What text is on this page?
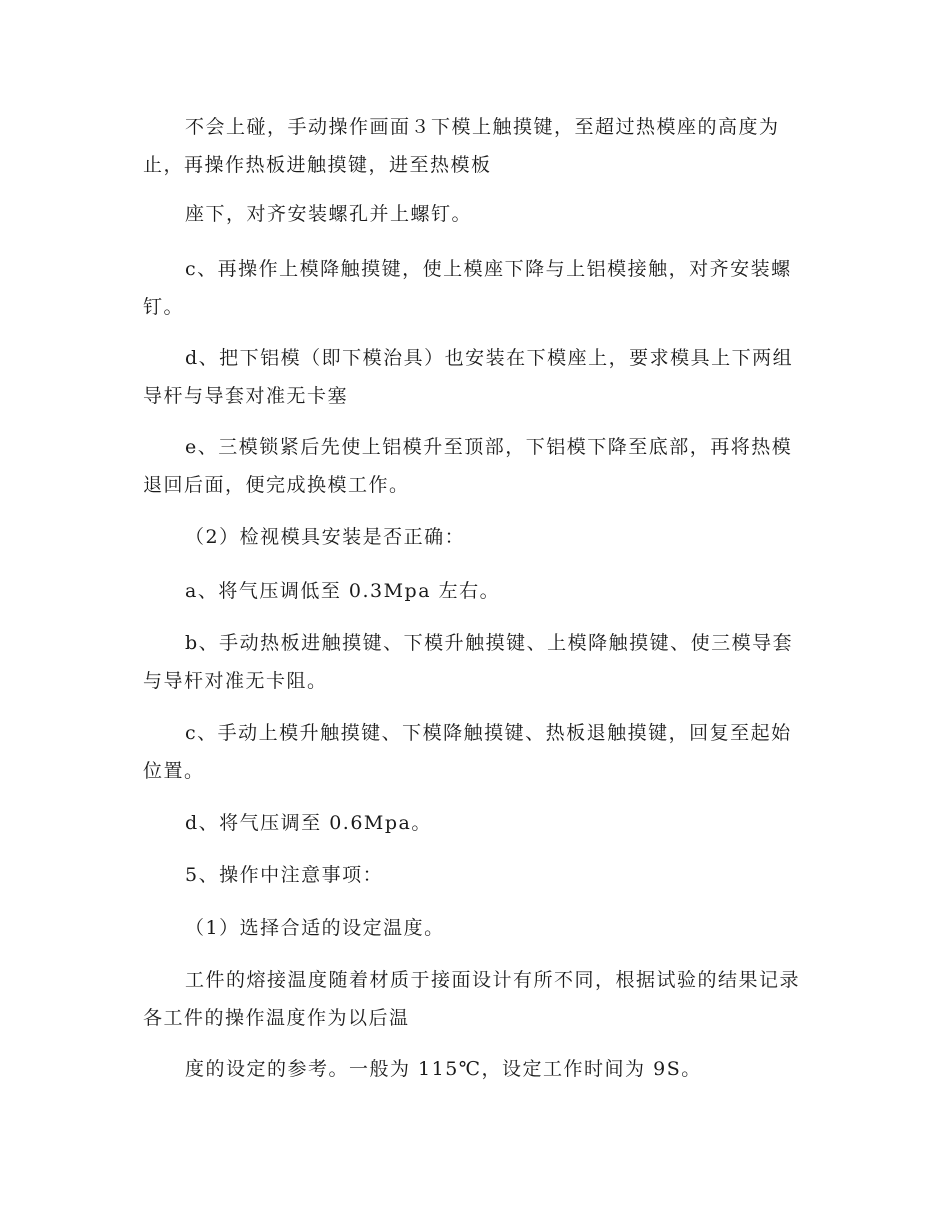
不会上碰，手动操作画面３下模上触摸键，至超过热模座的高度为止，再操作热板进触摸键，进至热模板

座下，对齐安装螺孔并上螺钉。

c、再操作上模降触摸键，使上模座下降与上铝模接触，对齐安装螺钉。

d、把下铝模（即下模治具）也安装在下模座上，要求模具上下两组导杆与导套对准无卡塞

e、三模锁紧后先使上铝模升至顶部，下铝模下降至底部，再将热模退回后面，便完成换模工作。

（2）检视模具安装是否正确：

a、将气压调低至 0.3Mpa 左右。

b、手动热板进触摸键、下模升触摸键、上模降触摸键、使三模导套与导杆对准无卡阻。

c、手动上模升触摸键、下模降触摸键、热板退触摸键，回复至起始位置。

d、将气压调至 0.6Mpa。

5、操作中注意事项：

（1）选择合适的设定温度。

工件的熔接温度随着材质于接面设计有所不同，根据试验的结果记录各工件的操作温度作为以后温

度的设定的参考。一般为 115℃，设定工作时间为 9S。
